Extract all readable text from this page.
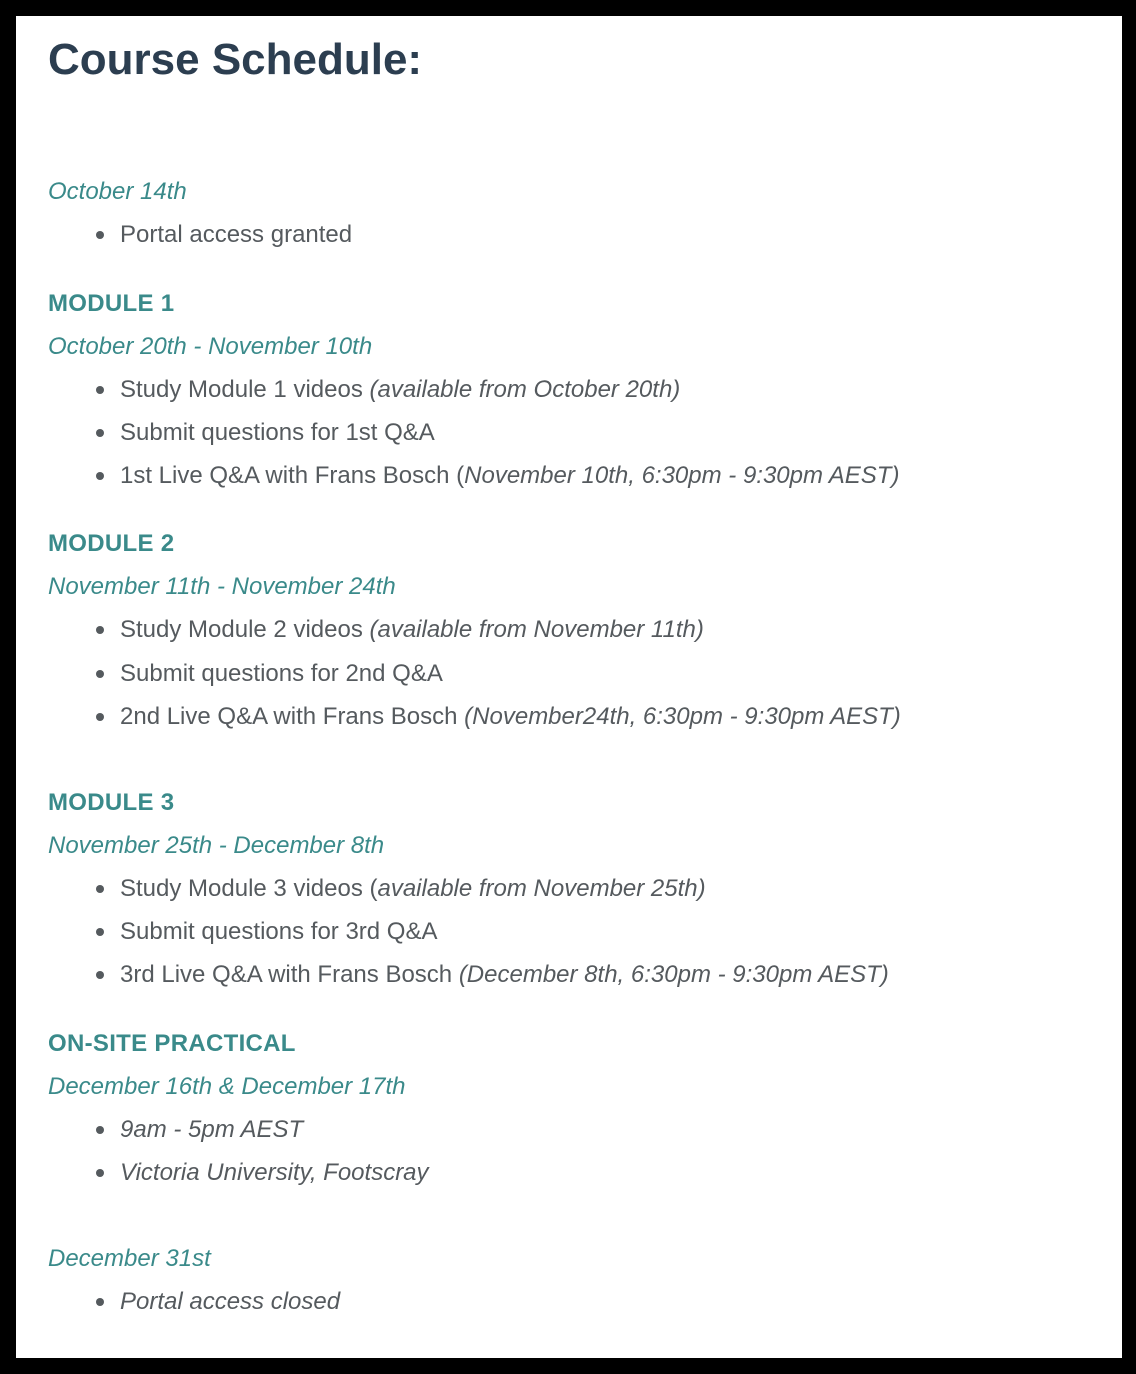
Course Schedule:

October 14th

Portal access granted

MODULE 1

October 20th - November 10th

Study Module 1 videos (available from October 20th)

Submit questions for 1st Q&A

1st Live Q&A with Frans Bosch (November 10th, 6:30pm - 9:30pm AEST)

MODULE 2

November 11th - November 24th

Study Module 2 videos (available from November 11th)

Submit questions for 2nd Q&A

2nd Live Q&A with Frans Bosch (November24th, 6:30pm - 9:30pm AEST)

MODULE 3

November 25th - December 8th

Study Module 3 videos (available from November 25th)

Submit questions for 3rd Q&A

3rd Live Q&A with Frans Bosch (December 8th, 6:30pm - 9:30pm AEST)

ON-SITE PRACTICAL

December 16th & December 17th

9am - 5pm AEST

Victoria University, Footscray

December 31st

Portal access closed
